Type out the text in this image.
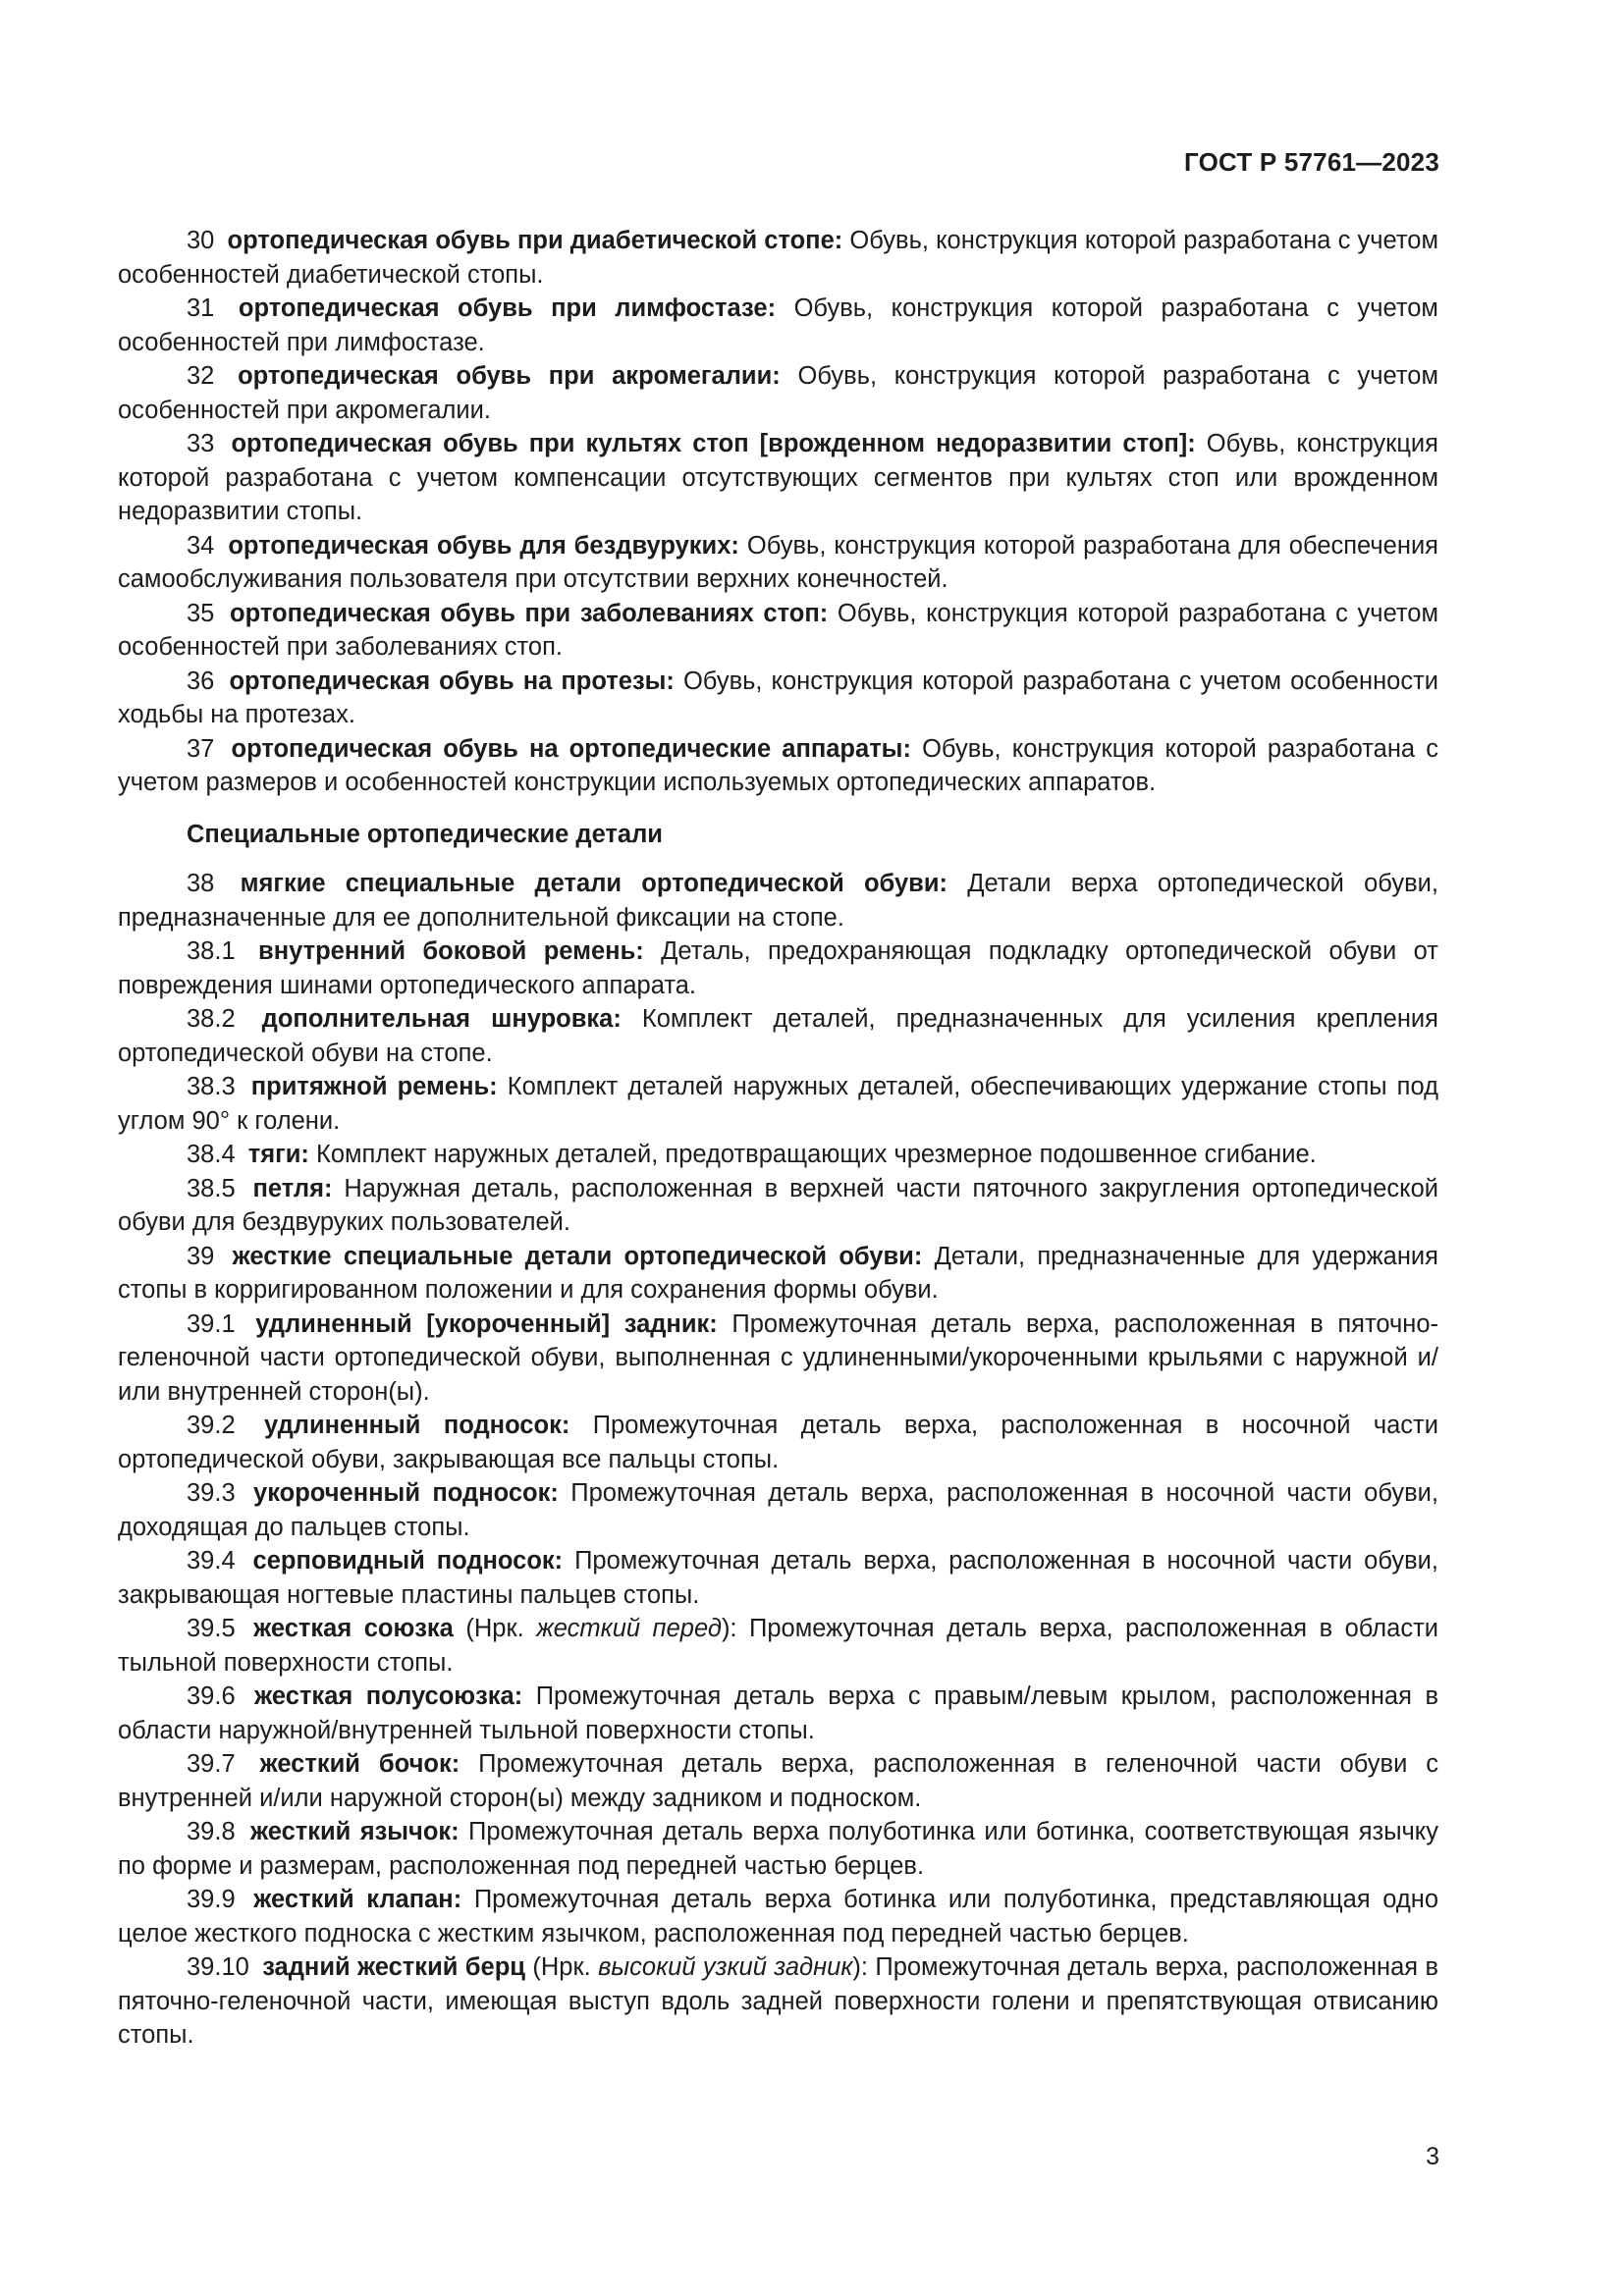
ГОСТ Р 57761—2023

30 ортопедическая обувь при диабетической стопе: Обувь, конструкция которой разработана с учетом особенностей диабетической стопы.

31 ортопедическая обувь при лимфостазе: Обувь, конструкция которой разработана с учетом особенностей при лимфостазе.

32 ортопедическая обувь при акромегалии: Обувь, конструкция которой разработана с учетом особенностей при акромегалии.

33 ортопедическая обувь при культях стоп [врожденном недоразвитии стоп]: Обувь, конструкция которой разработана с учетом компенсации отсутствующих сегментов при культях стоп или врожденном недоразвитии стопы.

34 ортопедическая обувь для бездвуруких: Обувь, конструкция которой разработана для обеспечения самообслуживания пользователя при отсутствии верхних конечностей.

35 ортопедическая обувь при заболеваниях стоп: Обувь, конструкция которой разработана с учетом особенностей при заболеваниях стоп.

36 ортопедическая обувь на протезы: Обувь, конструкция которой разработана с учетом особенности ходьбы на протезах.

37 ортопедическая обувь на ортопедические аппараты: Обувь, конструкция которой разработана с учетом размеров и особенностей конструкции используемых ортопедических аппаратов.

Специальные ортопедические детали

38 мягкие специальные детали ортопедической обуви: Детали верха ортопедической обуви, предназначенные для ее дополнительной фиксации на стопе.

38.1 внутренний боковой ремень: Деталь, предохраняющая подкладку ортопедической обуви от повреждения шинами ортопедического аппарата.

38.2 дополнительная шнуровка: Комплект деталей, предназначенных для усиления крепления ортопедической обуви на стопе.

38.3 притяжной ремень: Комплект деталей наружных деталей, обеспечивающих удержание стопы под углом 90° к голени.

38.4 тяги: Комплект наружных деталей, предотвращающих чрезмерное подошвенное сгибание.

38.5 петля: Наружная деталь, расположенная в верхней части пяточного закругления ортопедической обуви для бездвуруких пользователей.

39 жесткие специальные детали ортопедической обуви: Детали, предназначенные для удержания стопы в корригированном положении и для сохранения формы обуви.

39.1 удлиненный [укороченный] задник: Промежуточная деталь верха, расположенная в пяточно-геленочной части ортопедической обуви, выполненная с удлиненными/укороченными крыльями с наружной и/или внутренней сторон(ы).

39.2 удлиненный подносок: Промежуточная деталь верха, расположенная в носочной части ортопедической обуви, закрывающая все пальцы стопы.

39.3 укороченный подносок: Промежуточная деталь верха, расположенная в носочной части обуви, доходящая до пальцев стопы.

39.4 серповидный подносок: Промежуточная деталь верха, расположенная в носочной части обуви, закрывающая ногтевые пластины пальцев стопы.

39.5 жесткая союзка (Нрк. жесткий перед): Промежуточная деталь верха, расположенная в области тыльной поверхности стопы.

39.6 жесткая полусоюзка: Промежуточная деталь верха с правым/левым крылом, расположенная в области наружной/внутренней тыльной поверхности стопы.

39.7 жесткий бочок: Промежуточная деталь верха, расположенная в геленочной части обуви с внутренней и/или наружной сторон(ы) между задником и подноском.

39.8 жесткий язычок: Промежуточная деталь верха полуботинка или ботинка, соответствующая язычку по форме и размерам, расположенная под передней частью берцев.

39.9 жесткий клапан: Промежуточная деталь верха ботинка или полуботинка, представляющая одно целое жесткого подноска с жестким язычком, расположенная под передней частью берцев.

39.10 задний жесткий берц (Нрк. высокий узкий задник): Промежуточная деталь верха, расположенная в пяточно-геленочной части, имеющая выступ вдоль задней поверхности голени и препятствующая отвисанию стопы.

3
